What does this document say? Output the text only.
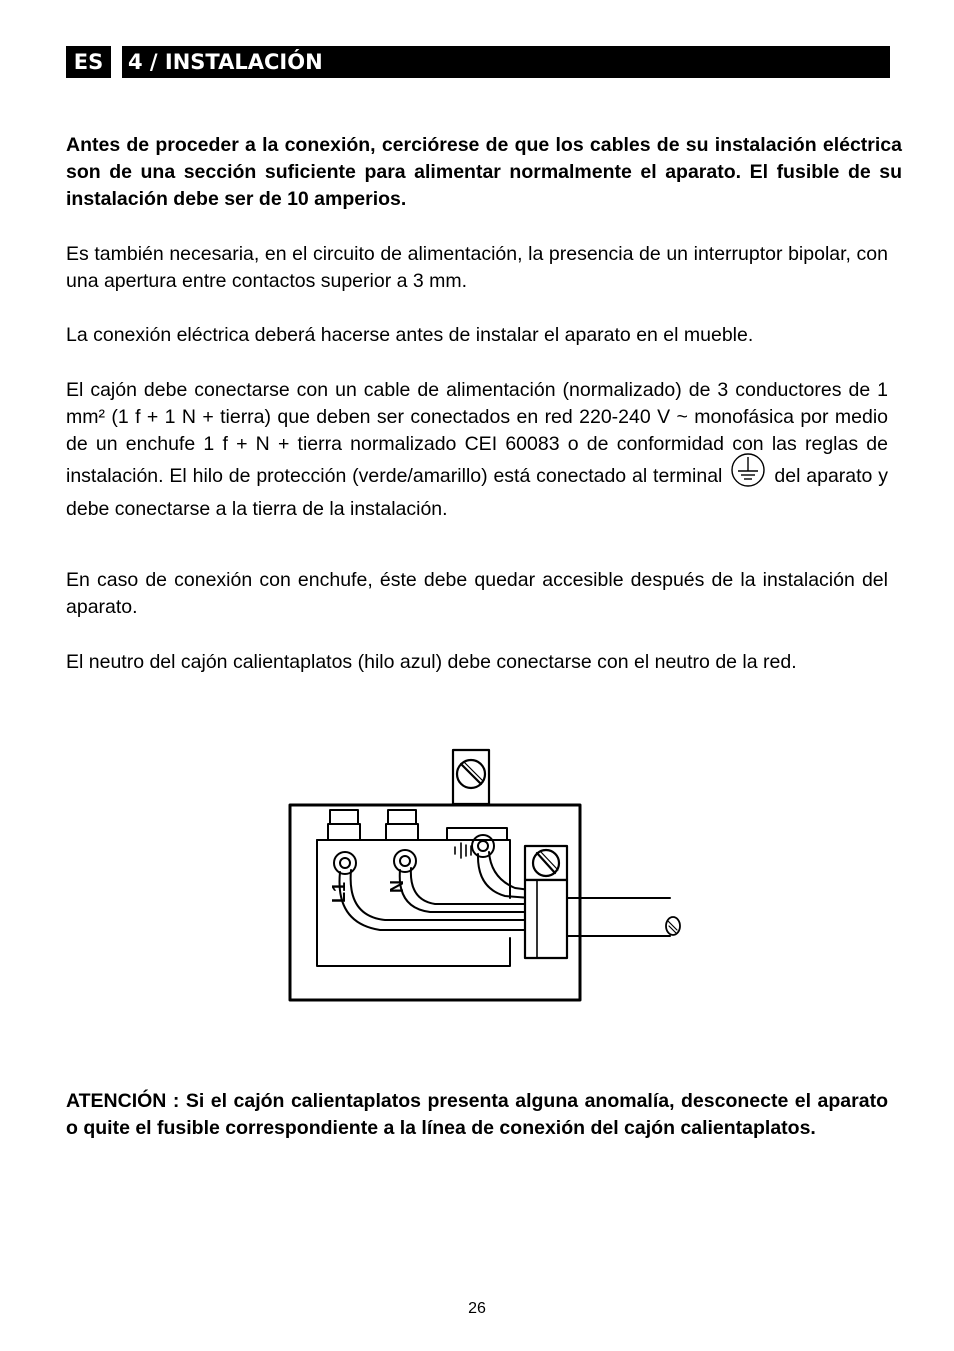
ES	4 / INSTALACIÓN

Antes de proceder a la conexión, cerciórese de que los cables de su instalación eléctrica son de una sección suficiente para alimentar normalmente el aparato. El fusible de su instalación debe ser de 10 amperios.

Es también necesaria, en el circuito de alimentación, la presencia de un interruptor bipolar, con una apertura entre contactos superior a 3 mm.

La conexión eléctrica deberá hacerse antes de instalar el aparato en el mueble.

El cajón debe conectarse con un cable de alimentación (normalizado) de 3 conductores de 1 mm² (1 f + 1 N + tierra) que deben ser conectados en red 220-240 V ~ monofásica por medio de un enchufe 1 f + N + tierra normalizado CEI 60083 o de conformidad con las reglas de instalación. El hilo de protección (verde/amarillo) está conectado al terminal	del aparato y debe conectarse a la tierra de la instalación.

En caso de conexión con enchufe, éste debe quedar accesible después de la instalación del aparato.

El neutro del cajón calientaplatos (hilo azul) debe conectarse con el neutro de la red.

L1 N

ATENCIÓN : Si el cajón calientaplatos presenta alguna anomalía, desconecte el aparato o quite el fusible correspondiente a la línea de conexión del cajón calientaplatos.

26
